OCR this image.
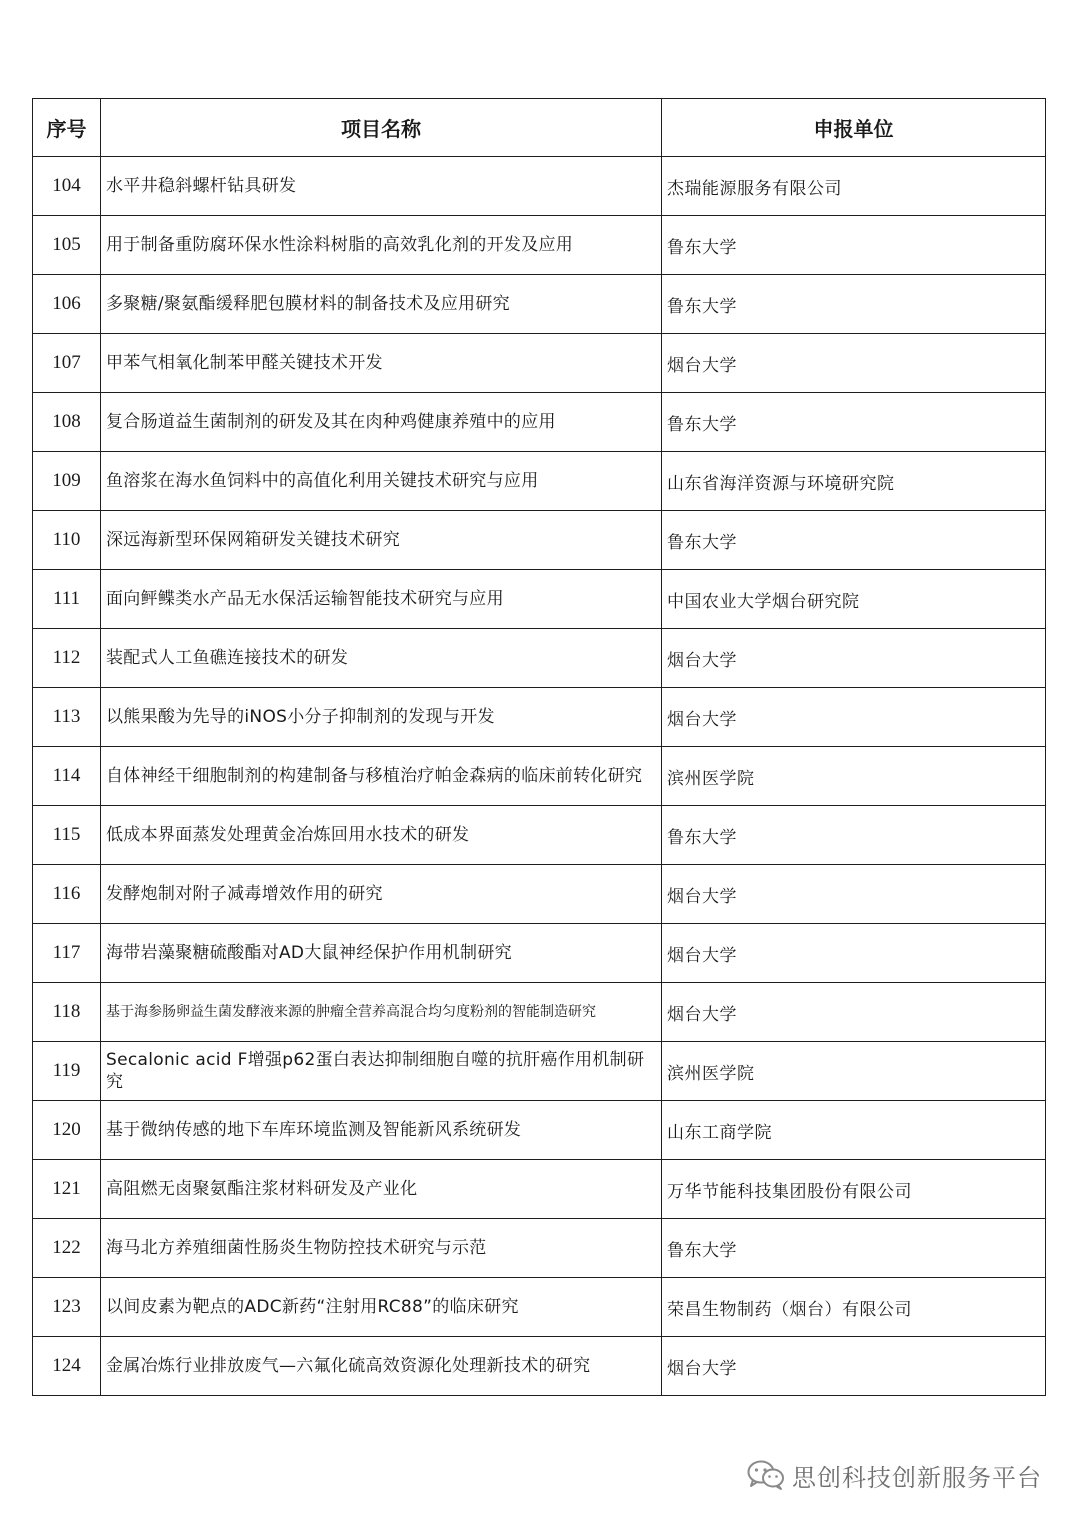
序号	项目名称	申报单位
104	水平井稳斜螺杆钻具研发	杰瑞能源服务有限公司
105	用于制备重防腐环保水性涂料树脂的高效乳化剂的开发及应用	鲁东大学
106	多聚糖/聚氨酯缓释肥包膜材料的制备技术及应用研究	鲁东大学
107	甲苯气相氧化制苯甲醛关键技术开发	烟台大学
108	复合肠道益生菌制剂的研发及其在肉种鸡健康养殖中的应用	鲁东大学
109	鱼溶浆在海水鱼饲料中的高值化利用关键技术研究与应用	山东省海洋资源与环境研究院
110	深远海新型环保网箱研发关键技术研究	鲁东大学
111	面向鲆鲽类水产品无水保活运输智能技术研究与应用	中国农业大学烟台研究院
112	装配式人工鱼礁连接技术的研发	烟台大学
113	以熊果酸为先导的iNOS小分子抑制剂的发现与开发	烟台大学
114	自体神经干细胞制剂的构建制备与移植治疗帕金森病的临床前转化研究	滨州医学院
115	低成本界面蒸发处理黄金冶炼回用水技术的研发	鲁东大学
116	发酵炮制对附子减毒增效作用的研究	烟台大学
117	海带岩藻聚糖硫酸酯对AD大鼠神经保护作用机制研究	烟台大学
118	基于海参肠卵益生菌发酵液来源的肿瘤全营养高混合均匀度粉剂的智能制造研究	烟台大学
119	Secalonic acid F增强p62蛋白表达抑制细胞自噬的抗肝癌作用机制研究	滨州医学院
120	基于微纳传感的地下车库环境监测及智能新风系统研发	山东工商学院
121	高阻燃无卤聚氨酯注浆材料研发及产业化	万华节能科技集团股份有限公司
122	海马北方养殖细菌性肠炎生物防控技术研究与示范	鲁东大学
123	以间皮素为靶点的ADC新药“注射用RC88”的临床研究	荣昌生物制药（烟台）有限公司
124	金属冶炼行业排放废气—六氟化硫高效资源化处理新技术的研究	烟台大学
思创科技创新服务平台
